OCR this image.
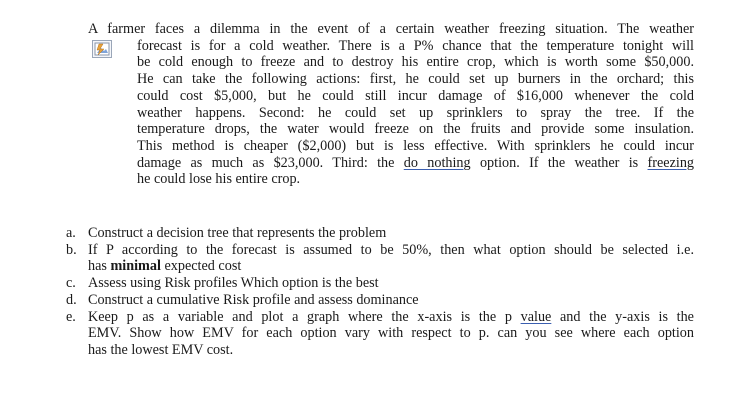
A farmer faces a dilemma in the event of a certain weather freezing situation. The weather
forecast is for a cold weather. There is a P% chance that the temperature tonight will
be cold enough to freeze and to destroy his entire crop, which is worth some $50,000.
He can take the following actions: first, he could set up burners in the orchard; this
could cost $5,000, but he could still incur damage of $16,000 whenever the cold
weather happens. Second: he could set up sprinklers to spray the tree. If the
temperature drops, the water would freeze on the fruits and provide some insulation.
This method is cheaper ($2,000) but is less effective. With sprinklers he could incur
damage as much as $23,000. Third: the do nothing option. If the weather is freezing
he could lose his entire crop.
a. Construct a decision tree that represents the problem
b. If P according to the forecast is assumed to be 50%, then what option should be selected i.e.
has minimal expected cost
c. Assess using Risk profiles Which option is the best
d. Construct a cumulative Risk profile and assess dominance
e. Keep p as a variable and plot a graph where the x-axis is the p value and the y-axis is the
EMV. Show how EMV for each option vary with respect to p. can you see where each option
has the lowest EMV cost.
